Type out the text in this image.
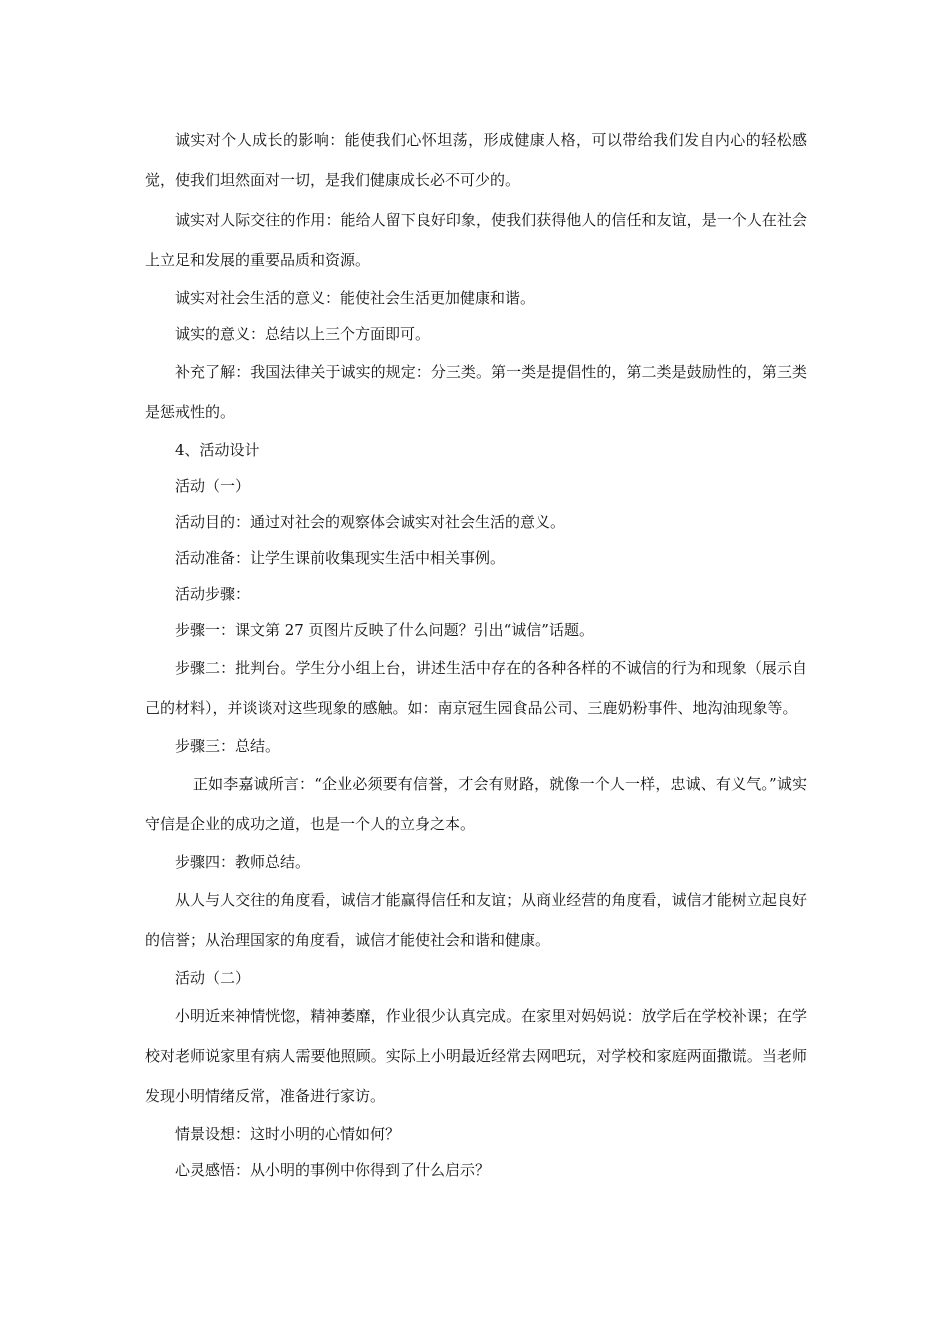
诚实对个人成长的影响：能使我们心怀坦荡，形成健康人格，可以带给我们发自内心的轻松感觉，使我们坦然面对一切，是我们健康成长必不可少的。

诚实对人际交往的作用：能给人留下良好印象，使我们获得他人的信任和友谊，是一个人在社会上立足和发展的重要品质和资源。

诚实对社会生活的意义：能使社会生活更加健康和谐。

诚实的意义：总结以上三个方面即可。

补充了解：我国法律关于诚实的规定：分三类。第一类是提倡性的，第二类是鼓励性的，第三类是惩戒性的。

4、活动设计

活动（一）

活动目的：通过对社会的观察体会诚实对社会生活的意义。

活动准备：让学生课前收集现实生活中相关事例。

活动步骤：

步骤一：课文第 27 页图片反映了什么问题？引出“诚信”话题。

步骤二：批判台。学生分小组上台，讲述生活中存在的各种各样的不诚信的行为和现象（展示自己的材料），并谈谈对这些现象的感触。如：南京冠生园食品公司、三鹿奶粉事件、地沟油现象等。

步骤三：总结。

正如李嘉诚所言：“企业必须要有信誉，才会有财路，就像一个人一样，忠诚、有义气。”诚实守信是企业的成功之道，也是一个人的立身之本。

步骤四：教师总结。

从人与人交往的角度看，诚信才能赢得信任和友谊；从商业经营的角度看，诚信才能树立起良好的信誉；从治理国家的角度看，诚信才能使社会和谐和健康。

活动（二）

小明近来神情恍惚，精神萎靡，作业很少认真完成。在家里对妈妈说：放学后在学校补课；在学校对老师说家里有病人需要他照顾。实际上小明最近经常去网吧玩，对学校和家庭两面撒谎。当老师发现小明情绪反常，准备进行家访。

情景设想：这时小明的心情如何？

心灵感悟：从小明的事例中你得到了什么启示？
